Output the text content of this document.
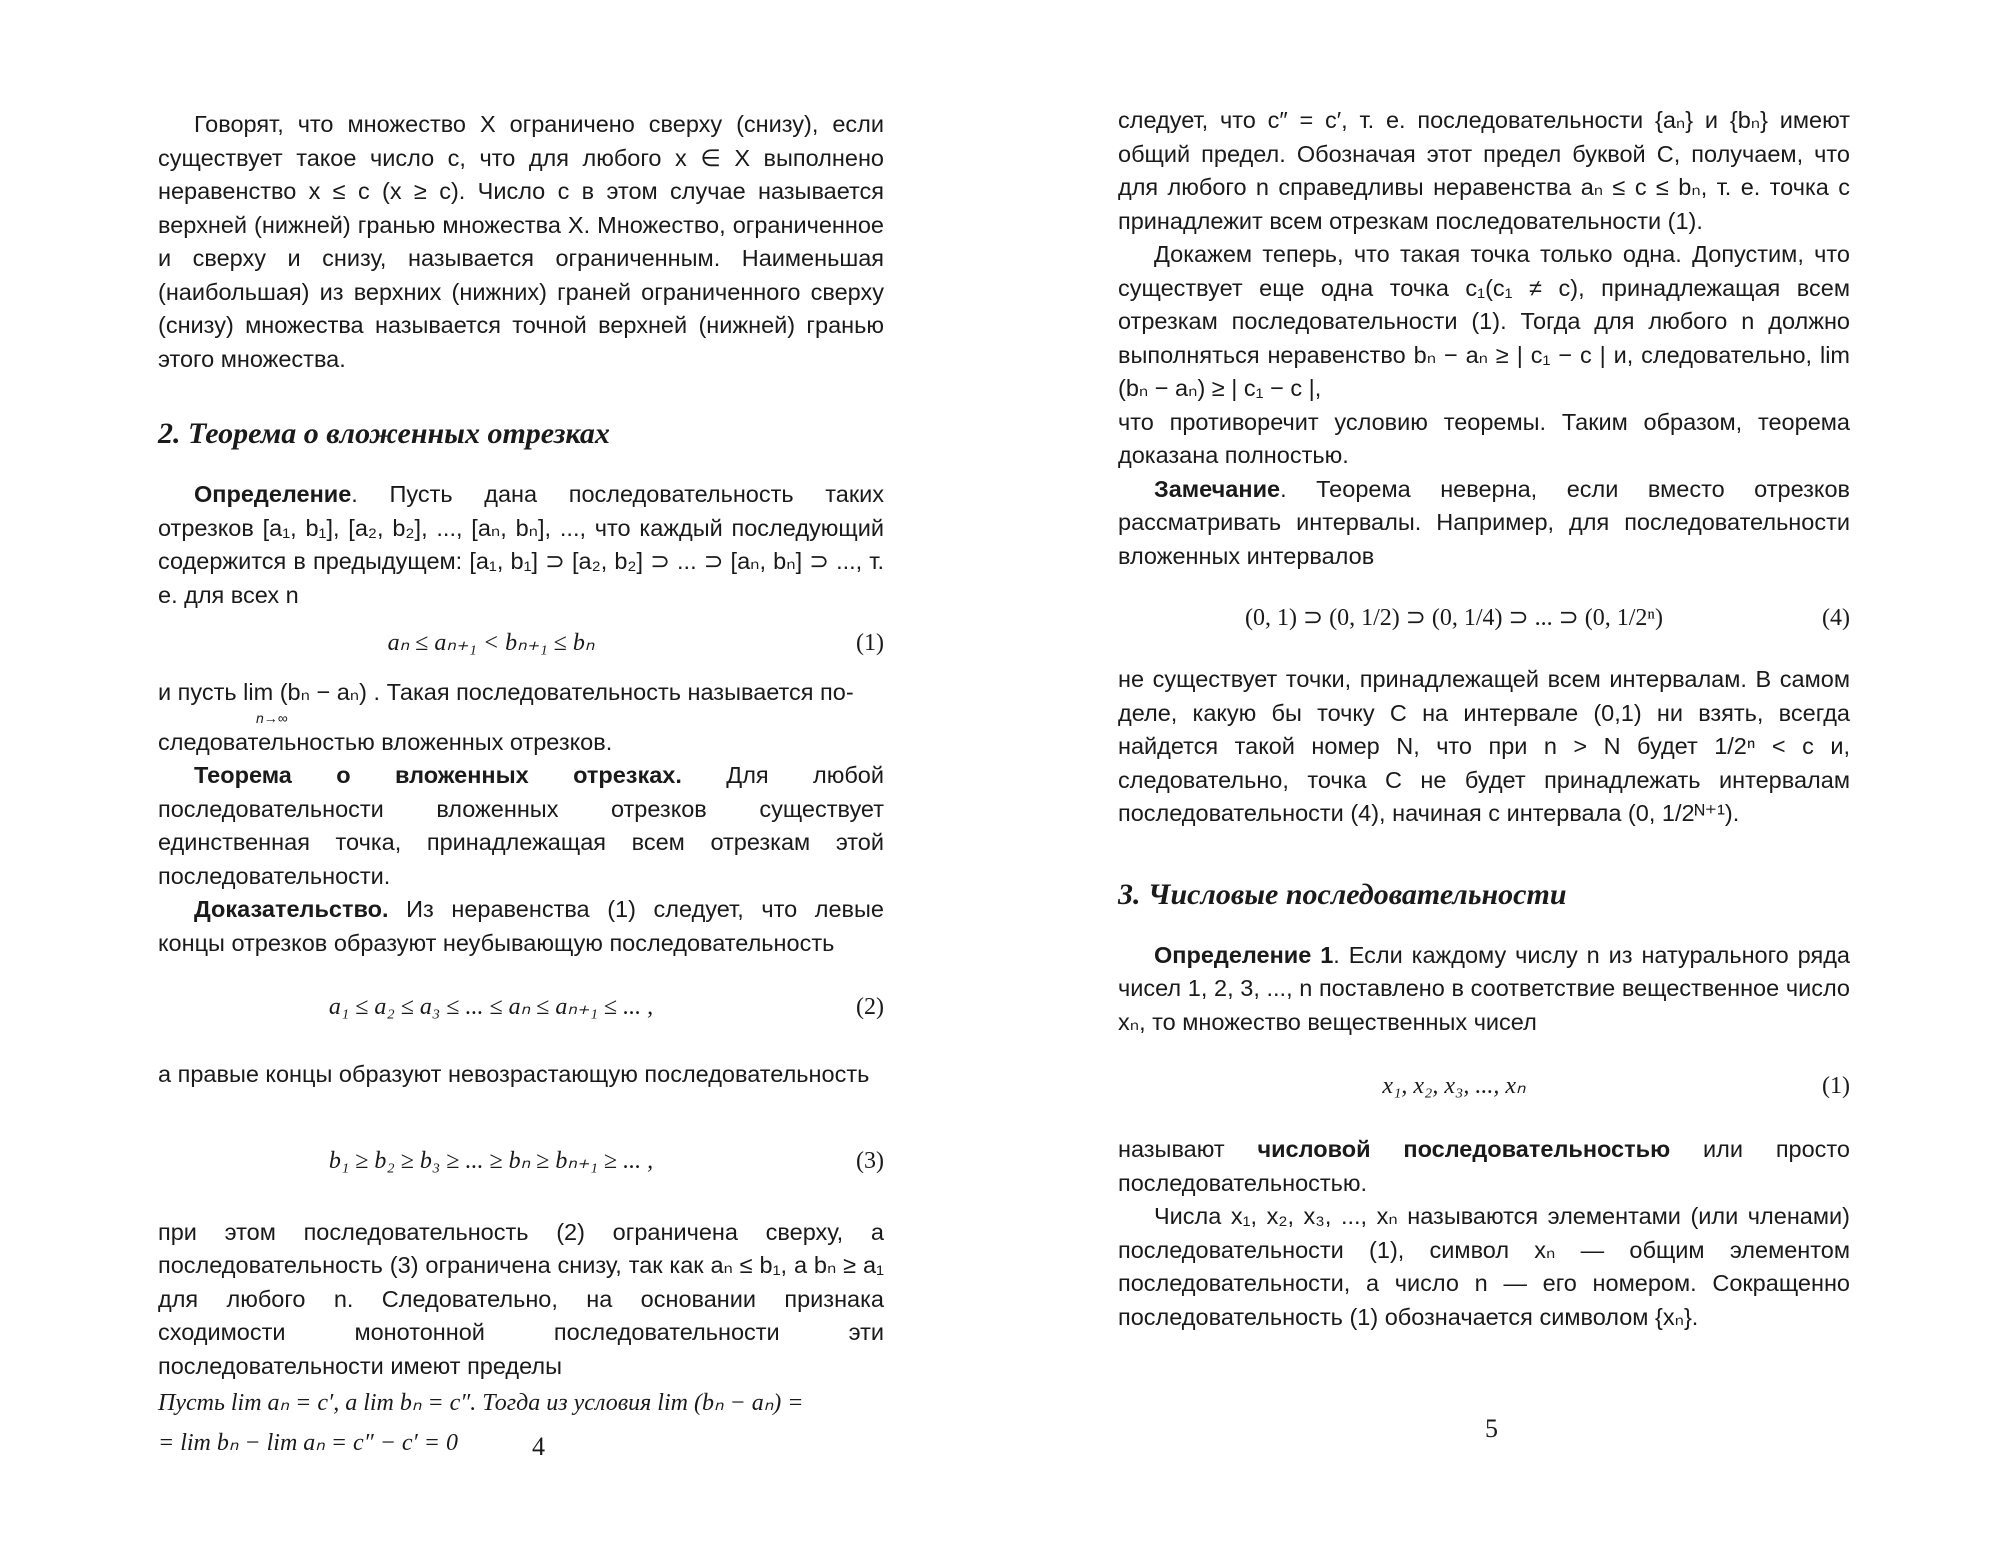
Говорят, что множество X ограничено сверху (снизу), если существует такое число c, что для любого x ∈ X выполнено неравенство x ≤ c (x ≥ c). Число c в этом случае называется верхней (нижней) гранью множества X. Множество, ограниченное и сверху и снизу, называется ограниченным. Наименьшая (наибольшая) из верхних (нижних) граней ограниченного сверху (снизу) множества называется точной верхней (нижней) гранью этого множества.

2. Теорема о вложенных отрезках

Определение. Пусть дана последовательность таких отрезков [a₁, b₁], [a₂, b₂], ..., [aₙ, bₙ], ..., что каждый последующий содержится в предыдущем: [a₁, b₁] ⊃ [a₂, b₂] ⊃ ... ⊃ [aₙ, bₙ] ⊃ ..., т. е. для всех n

aₙ ≤ aₙ₊₁ < bₙ₊₁ ≤ bₙ	(1)

и пусть lim (bₙ − aₙ) . Такая последовательность называется по-

n→∞

следовательностью вложенных отрезков.

Теорема о вложенных отрезках. Для любой последовательности вложенных отрезков существует единственная точка, принадлежащая всем отрезкам этой последовательности.

Доказательство. Из неравенства (1) следует, что левые концы отрезков образуют неубывающую последовательность

a₁ ≤ a₂ ≤ a₃ ≤ ... ≤ aₙ ≤ aₙ₊₁ ≤ ... ,	(2)

а правые концы образуют невозрастающую последовательность

b₁ ≥ b₂ ≥ b₃ ≥ ... ≥ bₙ ≥ bₙ₊₁ ≥ ... ,	(3)

при этом последовательность (2) ограничена сверху, а последовательность (3) ограничена снизу, так как aₙ ≤ b₁, а bₙ ≥ a₁ для любого n. Следовательно, на основании признака сходимости монотонной последовательности эти последовательности имеют пределы

Пусть lim aₙ = c′, а lim bₙ = c″. Тогда из условия lim (bₙ − aₙ) =
= lim bₙ − lim aₙ = c″ − c′ = 0	4

следует, что c″ = c′, т. е. последовательности {aₙ} и {bₙ} имеют общий предел. Обозначая этот предел буквой C, получаем, что для любого n справедливы неравенства aₙ ≤ c ≤ bₙ, т. е. точка c принадлежит всем отрезкам последовательности (1).

Докажем теперь, что такая точка только одна. Допустим, что существует еще одна точка c₁(c₁ ≠ c), принадлежащая всем отрезкам последовательности (1). Тогда для любого n должно выполняться неравенство bₙ − aₙ ≥ | c₁ − c | и, следовательно, lim (bₙ − aₙ) ≥ | c₁ − c |,

что противоречит условию теоремы. Таким образом, теорема доказана полностью.

Замечание. Теорема неверна, если вместо отрезков рассматривать интервалы. Например, для последовательности вложенных интервалов

(0, 1) ⊃ (0, 1/2) ⊃ (0, 1/4) ⊃ ... ⊃ (0, 1/2ⁿ)	(4)

не существует точки, принадлежащей всем интервалам. В самом деле, какую бы точку C на интервале (0,1) ни взять, всегда найдется такой номер N, что при n > N будет 1/2ⁿ < c и, следовательно, точка C не будет принадлежать интервалам последовательности (4), начиная с интервала (0, 1/2ᴺ⁺¹).

3. Числовые последовательности

Определение 1. Если каждому числу n из натурального ряда чисел 1, 2, 3, ..., n поставлено в соответствие вещественное число xₙ, то множество вещественных чисел

x₁, x₂, x₃, ..., xₙ	(1)

называют числовой последовательностью или просто последовательностью.

Числа x₁, x₂, x₃, ..., xₙ называются элементами (или членами) последовательности (1), символ xₙ — общим элементом последовательности, а число n — его номером. Сокращенно последовательность (1) обозначается символом {xₙ}.

5
